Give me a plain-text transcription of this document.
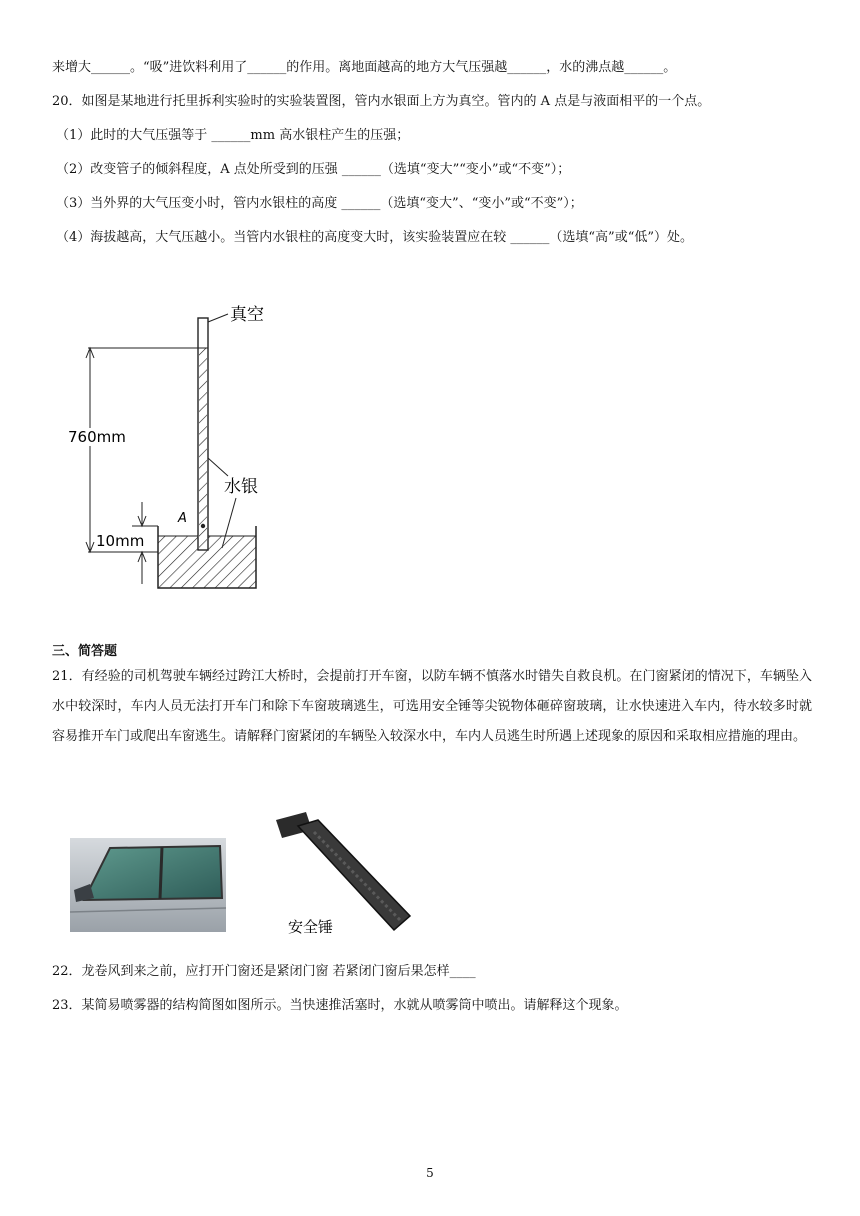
来增大______。“吸”进饮料利用了______的作用。离地面越高的地方大气压强越______，水的沸点越______。
20．如图是某地进行托里拆利实验时的实验装置图，管内水银面上方为真空。管内的 A 点是与液面相平的一个点。
（1）此时的大气压强等于 ______mm 高水银柱产生的压强；
（2）改变管子的倾斜程度，A 点处所受到的压强 ______（选填“变大”“变小”或“不变”）；
（3）当外界的大气压变小时，管内水银柱的高度 ______（选填“变大”、“变小”或“不变”）；
（4）海拔越高，大气压越小。当管内水银柱的高度变大时，该实验装置应在较 ______（选填“高”或“低”）处。
真空
水银
A
760mm
10mm
三、简答题
21．有经验的司机驾驶车辆经过跨江大桥时，会提前打开车窗，以防车辆不慎落水时错失自救良机。在门窗紧闭的情况下，车辆坠入水中较深时，车内人员无法打开车门和除下车窗玻璃逃生，可选用安全锤等尖锐物体砸碎窗玻璃，让水快速进入车内，待水较多时就容易推开车门或爬出车窗逃生。请解释门窗紧闭的车辆坠入较深水中，车内人员逃生时所遇上述现象的原因和采取相应措施的理由。
安全锤
22．龙卷风到来之前，应打开门窗还是紧闭门窗 若紧闭门窗后果怎样____
23．某简易喷雾器的结构简图如图所示。当快速推活塞时，水就从喷雾筒中喷出。请解释这个现象。
5
